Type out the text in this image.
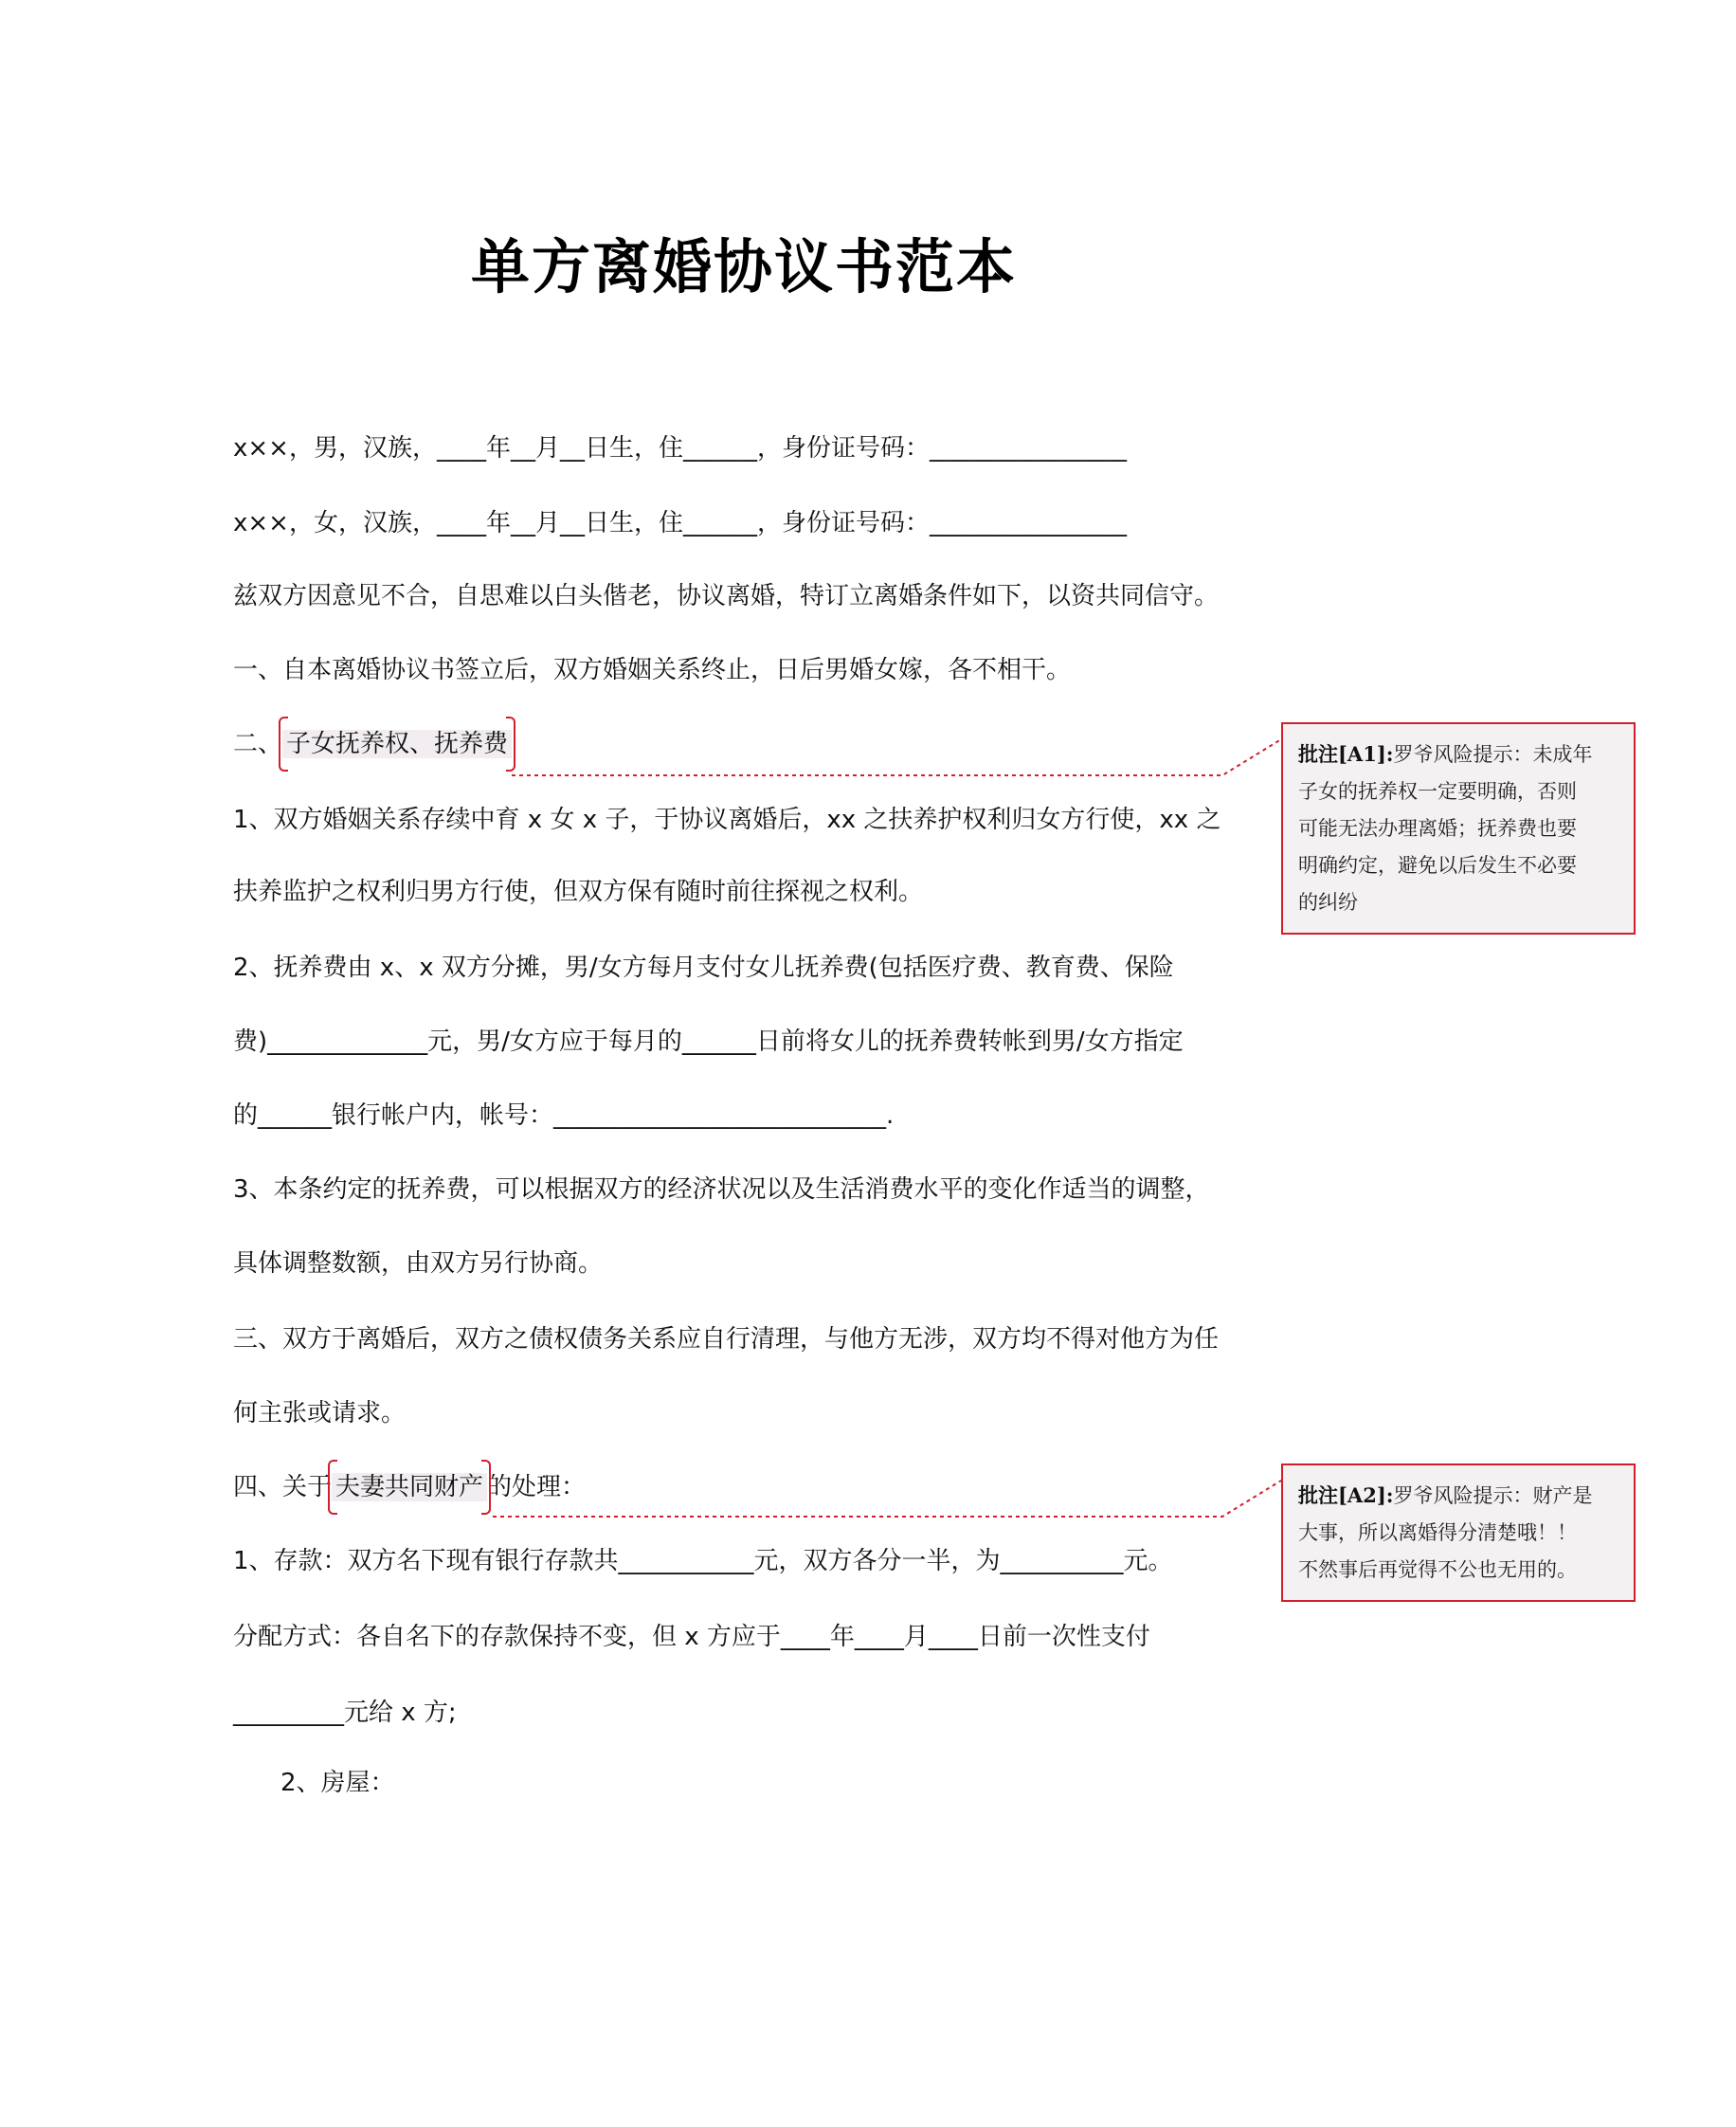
单方离婚协议书范本
x××，男，汉族，____年__月__日生，住______，身份证号码：________________
x××，女，汉族，____年__月__日生，住______，身份证号码：________________
兹双方因意见不合，自思难以白头偕老，协议离婚，特订立离婚条件如下，以资共同信守。
一、自本离婚协议书签立后，双方婚姻关系终止，日后男婚女嫁，各不相干。
二、 子女抚养权、抚养费
1、双方婚姻关系存续中育 x 女 x 子，于协议离婚后，xx 之扶养护权利归女方行使，xx 之
扶养监护之权利归男方行使，但双方保有随时前往探视之权利。
2、抚养费由 x、x 双方分摊，男/女方每月支付女儿抚养费(包括医疗费、教育费、保险
费)_____________元，男/女方应于每月的______日前将女儿的抚养费转帐到男/女方指定
的______银行帐户内，帐号：___________________________.
3、本条约定的抚养费，可以根据双方的经济状况以及生活消费水平的变化作适当的调整，
具体调整数额，由双方另行协商。
三、双方于离婚后，双方之债权债务关系应自行清理，与他方无涉，双方均不得对他方为任
何主张或请求。
四、关于 夫妻共同财产 的处理：
1、存款：双方名下现有银行存款共___________元，双方各分一半，为__________元。
分配方式：各自名下的存款保持不变，但 x 方应于____年____月____日前一次性支付
_________元给 x 方;
2、房屋：
批注[A1]:罗爷风险提示：未成年
子女的抚养权一定要明确，否则
可能无法办理离婚；抚养费也要
明确约定，避免以后发生不必要
的纠纷
批注[A2]:罗爷风险提示：财产是
大事，所以离婚得分清楚哦！！
不然事后再觉得不公也无用的。
